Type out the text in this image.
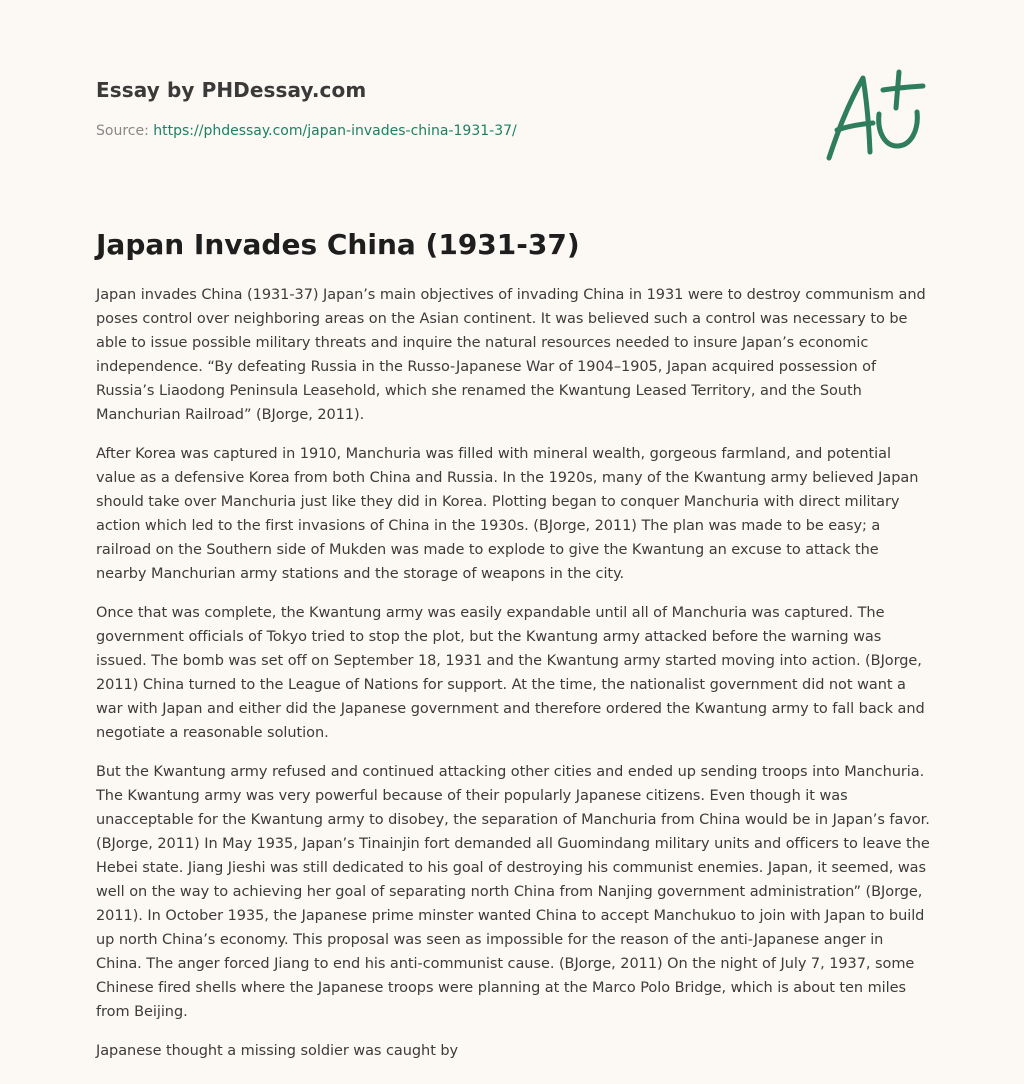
Essay by PHDessay.com
Source: https://phdessay.com/japan-invades-china-1931-37/
Japan Invades China (1931-37)

Japan invades China (1931-37) Japan’s main objectives of invading China in 1931 were to destroy communism and poses control over neighboring areas on the Asian continent. It was believed such a control was necessary to be able to issue possible military threats and inquire the natural resources needed to insure Japan’s economic independence. “By defeating Russia in the Russo-Japanese War of 1904–1905, Japan acquired possession of Russia’s Liaodong Peninsula Leasehold, which she renamed the Kwantung Leased Territory, and the South Manchurian Railroad” (BJorge, 2011).

After Korea was captured in 1910, Manchuria was filled with mineral wealth, gorgeous farmland, and potential value as a defensive Korea from both China and Russia. In the 1920s, many of the Kwantung army believed Japan should take over Manchuria just like they did in Korea. Plotting began to conquer Manchuria with direct military action which led to the first invasions of China in the 1930s. (BJorge, 2011) The plan was made to be easy; a railroad on the Southern side of Mukden was made to explode to give the Kwantung an excuse to attack the nearby Manchurian army stations and the storage of weapons in the city.

Once that was complete, the Kwantung army was easily expandable until all of Manchuria was captured. The government officials of Tokyo tried to stop the plot, but the Kwantung army attacked before the warning was issued. The bomb was set off on September 18, 1931 and the Kwantung army started moving into action. (BJorge, 2011) China turned to the League of Nations for support. At the time, the nationalist government did not want a war with Japan and either did the Japanese government and therefore ordered the Kwantung army to fall back and negotiate a reasonable solution.

But the Kwantung army refused and continued attacking other cities and ended up sending troops into Manchuria. The Kwantung army was very powerful because of their popularly Japanese citizens. Even though it was unacceptable for the Kwantung army to disobey, the separation of Manchuria from China would be in Japan’s favor. (BJorge, 2011) In May 1935, Japan’s Tinainjin fort demanded all Guomindang military units and officers to leave the Hebei state. Jiang Jieshi was still dedicated to his goal of destroying his communist enemies. Japan, it seemed, was well on the way to achieving her goal of separating north China from Nanjing government administration” (BJorge, 2011). In October 1935, the Japanese prime minster wanted China to accept Manchukuo to join with Japan to build up north China’s economy. This proposal was seen as impossible for the reason of the anti-Japanese anger in China. The anger forced Jiang to end his anti-communist cause. (BJorge, 2011) On the night of July 7, 1937, some Chinese fired shells where the Japanese troops were planning at the Marco Polo Bridge, which is about ten miles from Beijing.

Japanese thought a missing soldier was caught by
